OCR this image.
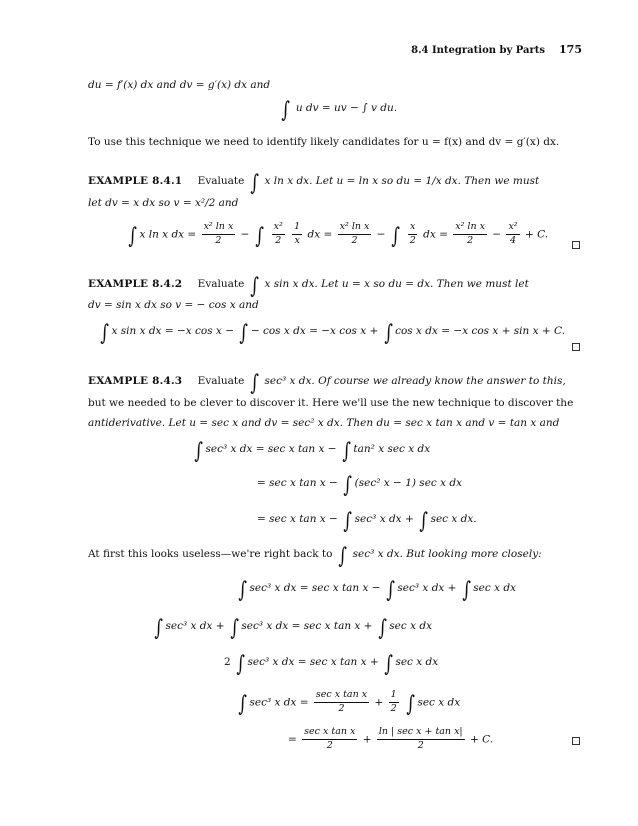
8.4 Integration by Parts 175
du = f′(x) dx and dv = g′(x) dx and
∫ u dv = uv − ∫ v du.
To use this technique we need to identify likely candidates for u = f(x) and dv = g′(x) dx.
EXAMPLE 8.4.1 Evaluate ∫ x ln x dx. Let u = ln x so du = 1/x dx. Then we must
let dv = x dx so v = x²/2 and
∫ x ln x dx = $\frac{\text{x² ln x}}{2}$ − ∫ $\frac{\text{x²}}{2}$
$\frac{1}{x}$ dx = $\frac{\text{x² ln x}}{2}$ − ∫ $\frac{x}{2}$ dx = $\frac{\text{x² ln x}}{2} - \frac{\text{x²}}{4} + C$.
EXAMPLE 8.4.2 Evaluate ∫ x sin x dx. Let u = x so du = dx. Then we must let
dv = sin x dx so v = − cos x and
∫ x sin x dx = −x cos x − ∫ − cos x dx = −x cos x + ∫ cos x dx = −x cos x + sin x + C.
EXAMPLE 8.4.3 Evaluate ∫ sec³ x dx. Of course we already know the answer to this,
but we needed to be clever to discover it. Here we'll use the new technique to discover the
antiderivative. Let u = sec x and dv = sec² x dx. Then du = sec x tan x and v = tan x and
∫ sec³ x dx = sec x tan x − ∫ tan² x sec x dx
= sec x tan x − ∫ (sec² x − 1) sec x dx
= sec x tan x − ∫ sec³ x dx + ∫ sec x dx.
At first this looks useless—we're right back to ∫ sec³ x dx. But looking more closely:
∫ sec³ x dx = sec x tan x − ∫ sec³ x dx + ∫ sec x dx
∫ sec³ x dx + ∫ sec³ x dx = sec x tan x + ∫ sec x dx
2 ∫ sec³ x dx = sec x tan x + ∫ sec x dx
∫ sec³ x dx = $\frac{\text{sec x tan x}}{2} + \frac{1}{2}$ ∫ sec x dx
= $\frac{\text{sec x tan x}}{2} + \frac{\text{ln | sec x + tan x|}}{2} + C$.
